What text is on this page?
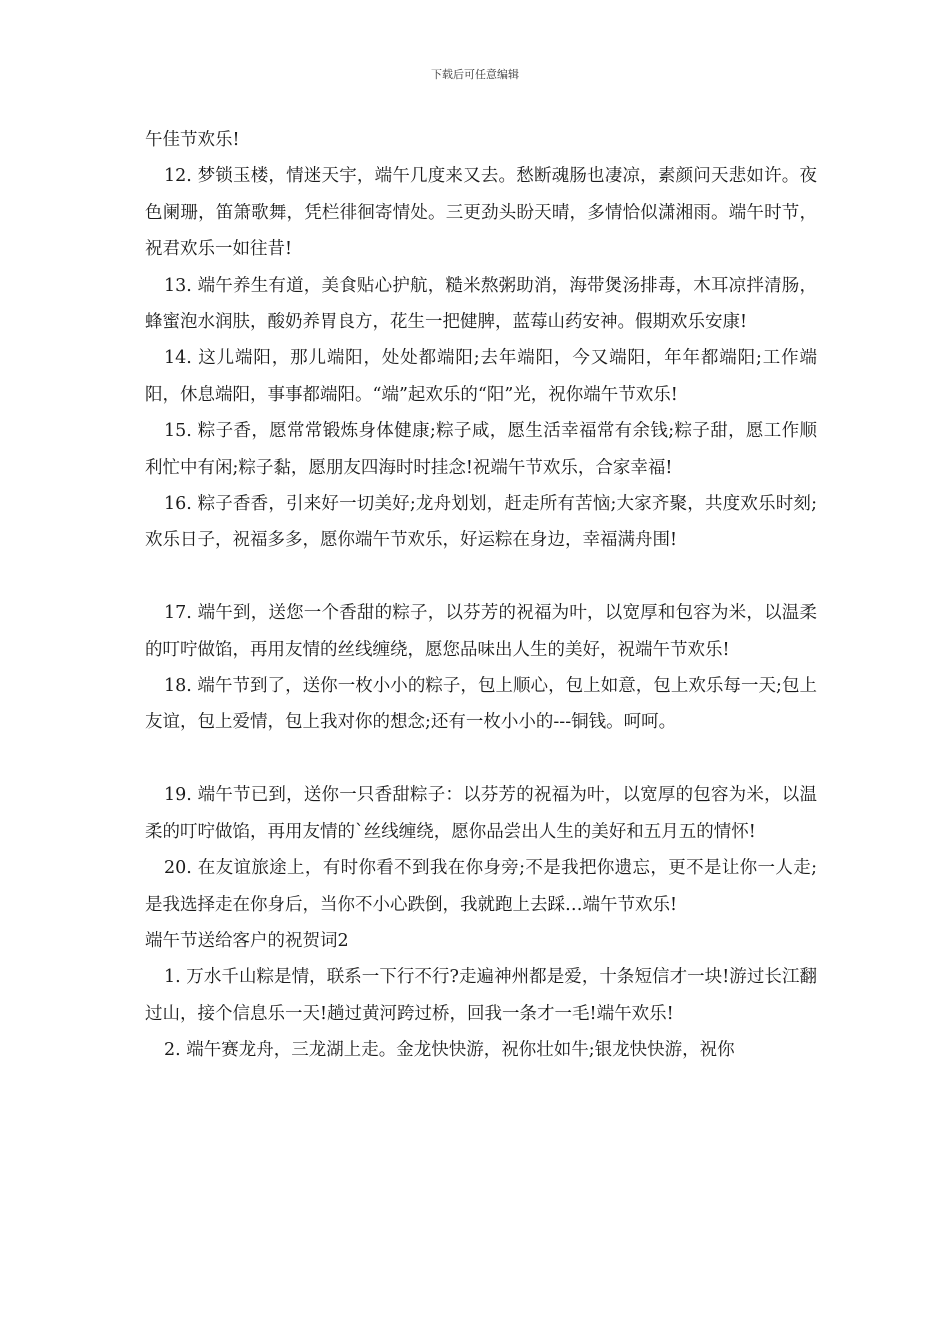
下载后可任意编辑

午佳节欢乐!

12. 梦锁玉楼，情迷天宇，端午几度来又去。愁断魂肠也凄凉，素颜问天悲如许。夜色阑珊，笛箫歌舞，凭栏徘徊寄情处。三更劲头盼天晴，多情恰似潇湘雨。端午时节，祝君欢乐一如往昔!

13. 端午养生有道，美食贴心护航，糙米熬粥助消，海带煲汤排毒，木耳凉拌清肠，蜂蜜泡水润肤，酸奶养胃良方，花生一把健脾，蓝莓山药安神。假期欢乐安康!

14. 这儿端阳，那儿端阳，处处都端阳;去年端阳，今又端阳，年年都端阳;工作端阳，休息端阳，事事都端阳。“端”起欢乐的“阳”光，祝你端午节欢乐!

15. 粽子香，愿常常锻炼身体健康;粽子咸，愿生活幸福常有余钱;粽子甜，愿工作顺利忙中有闲;粽子黏，愿朋友四海时时挂念!祝端午节欢乐，合家幸福!

16. 粽子香香，引来好一切美好;龙舟划划，赶走所有苦恼;大家齐聚，共度欢乐时刻;欢乐日子，祝福多多，愿你端午节欢乐，好运粽在身边，幸福满舟围!

17. 端午到，送您一个香甜的粽子，以芬芳的祝福为叶，以宽厚和包容为米，以温柔的叮咛做馅，再用友情的丝线缠绕，愿您品味出人生的美好，祝端午节欢乐!

18. 端午节到了，送你一枚小小的粽子，包上顺心，包上如意，包上欢乐每一天;包上友谊，包上爱情，包上我对你的想念;还有一枚小小的---铜钱。呵呵。

19. 端午节已到，送你一只香甜粽子：以芬芳的祝福为叶，以宽厚的包容为米，以温柔的叮咛做馅，再用友情的`丝线缠绕，愿你品尝出人生的美好和五月五的情怀!

20. 在友谊旅途上，有时你看不到我在你身旁;不是我把你遗忘，更不是让你一人走;是我选择走在你身后，当你不小心跌倒，我就跑上去踩…端午节欢乐!

端午节送给客户的祝贺词2

1. 万水千山粽是情，联系一下行不行?走遍神州都是爱，十条短信才一块!游过长江翻过山，接个信息乐一天!趟过黄河跨过桥，回我一条才一毛!端午欢乐!

2. 端午赛龙舟，三龙湖上走。金龙快快游，祝你壮如牛;银龙快快游，祝你
